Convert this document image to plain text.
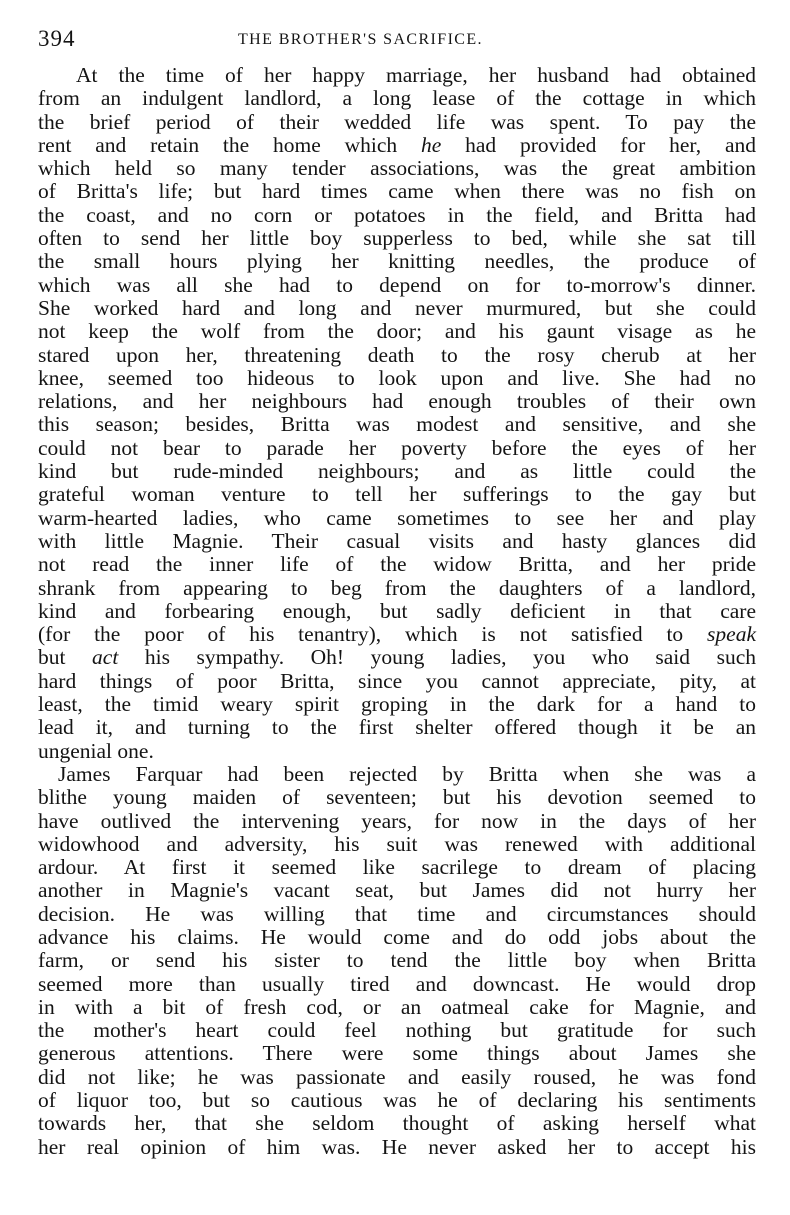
394	THE BROTHER'S SACRIFICE.
At the time of her happy marriage, her husband had obtained
from an indulgent landlord, a long lease of the cottage in which
the brief period of their wedded life was spent. To pay the
rent and retain the home which he had provided for her, and
which held so many tender associations, was the great ambition
of Britta's life; but hard times came when there was no fish on
the coast, and no corn or potatoes in the field, and Britta had
often to send her little boy supperless to bed, while she sat till
the small hours plying her knitting needles, the produce of
which was all she had to depend on for to-morrow's dinner.
She worked hard and long and never murmured, but she could
not keep the wolf from the door; and his gaunt visage as he
stared upon her, threatening death to the rosy cherub at her
knee, seemed too hideous to look upon and live. She had no
relations, and her neighbours had enough troubles of their own
this season; besides, Britta was modest and sensitive, and she
could not bear to parade her poverty before the eyes of her
kind but rude-minded neighbours; and as little could the
grateful woman venture to tell her sufferings to the gay but
warm-hearted ladies, who came sometimes to see her and play
with little Magnie. Their casual visits and hasty glances did
not read the inner life of the widow Britta, and her pride
shrank from appearing to beg from the daughters of a landlord,
kind and forbearing enough, but sadly deficient in that care
(for the poor of his tenantry), which is not satisfied to speak
but act his sympathy. Oh! young ladies, you who said such
hard things of poor Britta, since you cannot appreciate, pity, at
least, the timid weary spirit groping in the dark for a hand to
lead it, and turning to the first shelter offered though it be an
ungenial one.
James Farquar had been rejected by Britta when she was a
blithe young maiden of seventeen; but his devotion seemed to
have outlived the intervening years, for now in the days of her
widowhood and adversity, his suit was renewed with additional
ardour. At first it seemed like sacrilege to dream of placing
another in Magnie's vacant seat, but James did not hurry her
decision. He was willing that time and circumstances should
advance his claims. He would come and do odd jobs about the
farm, or send his sister to tend the little boy when Britta
seemed more than usually tired and downcast. He would drop
in with a bit of fresh cod, or an oatmeal cake for Magnie, and
the mother's heart could feel nothing but gratitude for such
generous attentions. There were some things about James she
did not like; he was passionate and easily roused, he was fond
of liquor too, but so cautious was he of declaring his sentiments
towards her, that she seldom thought of asking herself what
her real opinion of him was. He never asked her to accept his
